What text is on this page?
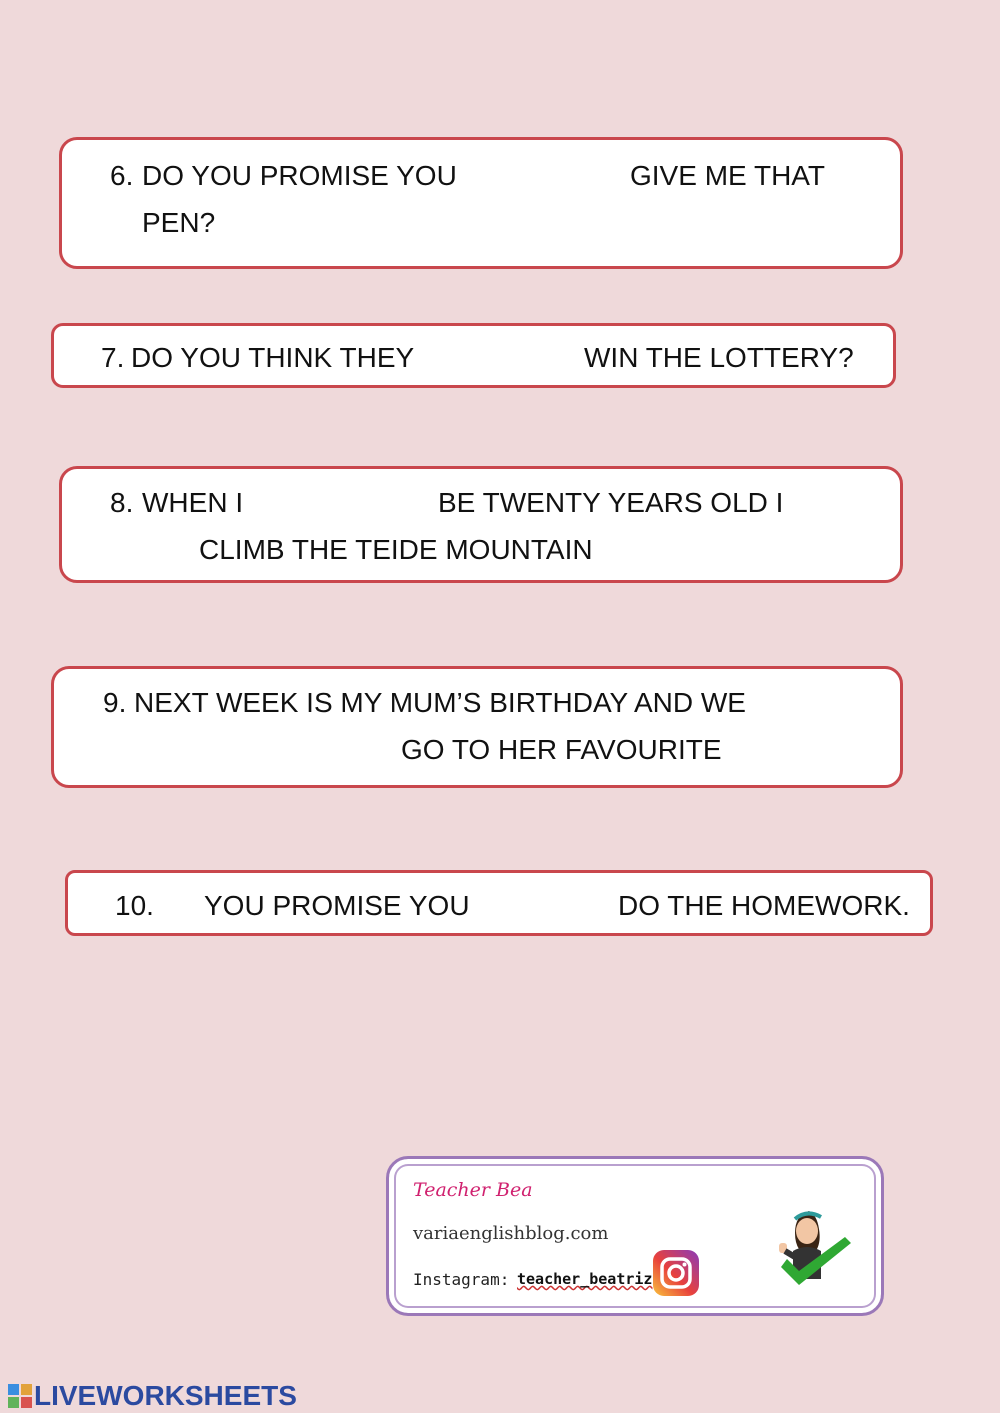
6. DO YOU PROMISE YOU	GIVE ME THAT
PEN?
7. DO YOU THINK THEY	WIN THE LOTTERY?
8. WHEN I	BE TWENTY YEARS OLD I
CLIMB THE TEIDE MOUNTAIN
9. NEXT WEEK IS MY MUM’S BIRTHDAY AND WE
GO TO HER FAVOURITE
10. YOU PROMISE YOU	DO THE HOMEWORK.
Teacher Bea
variaenglishblog.com
Instagram: teacher_beatriz
LIVEWORKSHEETS
